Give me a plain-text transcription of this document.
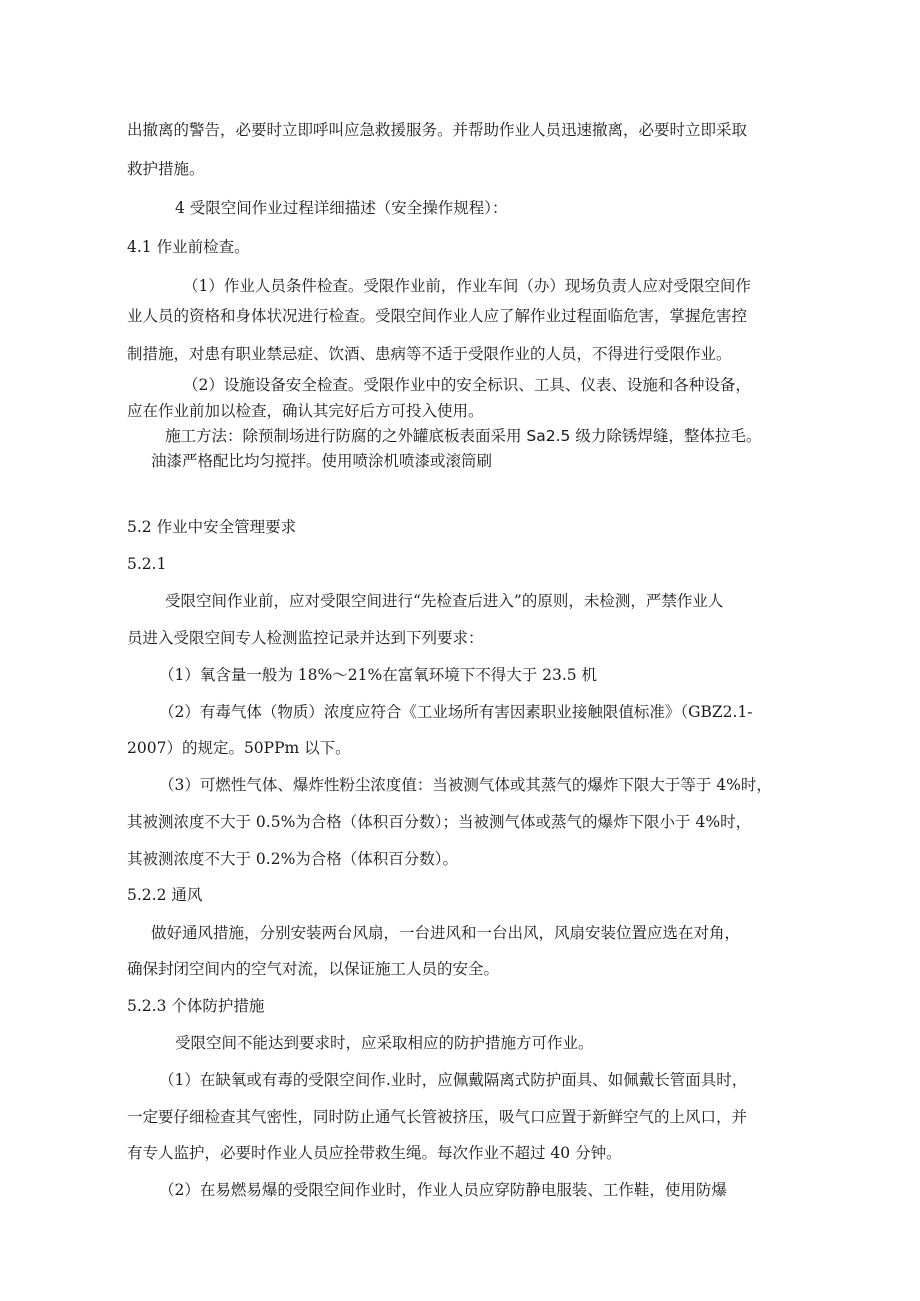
出撤离的警告，必要时立即呼叫应急救援服务。并帮助作业人员迅速撤离，必要时立即采取
救护措施。
4 受限空间作业过程详细描述（安全操作规程）：
4.1 作业前检查。
（1）作业人员条件检查。受限作业前，作业车间（办）现场负责人应对受限空间作
业人员的资格和身体状况进行检查。受限空间作业人应了解作业过程面临危害，掌握危害控
制措施，对患有职业禁忌症、饮酒、患病等不适于受限作业的人员，不得进行受限作业。
（2）设施设备安全检查。受限作业中的安全标识、工具、仪表、设施和各种设备，
应在作业前加以检查，确认其完好后方可投入使用。
施工方法：除预制场进行防腐的之外罐底板表面采用 Sa2.5 级力除锈焊缝，整体拉毛。
油漆严格配比均匀搅拌。使用喷涂机喷漆或滚筒刷
5.2 作业中安全管理要求
5.2.1
受限空间作业前，应对受限空间进行“先检查后进入”的原则，未检测，严禁作业人
员进入受限空间专人检测监控记录并达到下列要求：
（1）氧含量一般为 18%～21%在富氧环境下不得大于 23.5 机
（2）有毒气体（物质）浓度应符合《工业场所有害因素职业接触限值标准》（GBZ2.1-
2007）的规定。50PPm 以下。
（3）可燃性气体、爆炸性粉尘浓度值：当被测气体或其蒸气的爆炸下限大于等于 4%时，
其被测浓度不大于 0.5%为合格（体积百分数）；当被测气体或蒸气的爆炸下限小于 4%时，
其被测浓度不大于 0.2%为合格（体积百分数）。
5.2.2 通风
做好通风措施，分别安装两台风扇，一台进风和一台出风，风扇安装位置应选在对角，
确保封闭空间内的空气对流，以保证施工人员的安全。
5.2.3 个体防护措施
受限空间不能达到要求时，应采取相应的防护措施方可作业。
（1）在缺氧或有毒的受限空间作.业时，应佩戴隔离式防护面具、如佩戴长管面具时，
一定要仔细检查其气密性，同时防止通气长管被挤压，吸气口应置于新鲜空气的上风口，并
有专人监护，必要时作业人员应拴带救生绳。每次作业不超过 40 分钟。
（2）在易燃易爆的受限空间作业时，作业人员应穿防静电服装、工作鞋，使用防爆
